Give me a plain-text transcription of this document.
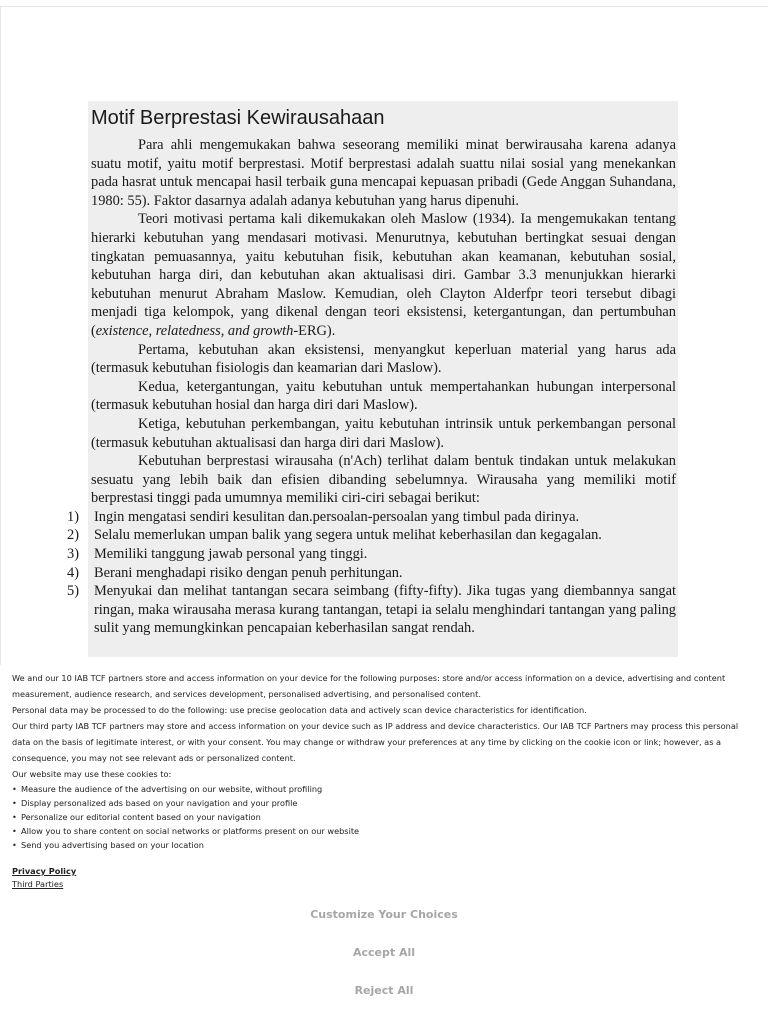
Motif Berprestasi Kewirausahaan

Para ahli mengemukakan bahwa seseorang memiliki minat berwirausaha karena adanya suatu motif, yaitu motif berprestasi. Motif berprestasi adalah suattu nilai sosial yang menekankan pada hasrat untuk mencapai hasil terbaik guna mencapai kepuasan pribadi (Gede Anggan Suhandana, 1980: 55). Faktor dasarnya adalah adanya kebutuhan yang harus dipenuhi.

Teori motivasi pertama kali dikemukakan oleh Maslow (1934). Ia mengemukakan tentang hierarki kebutuhan yang mendasari motivasi. Menurutnya, kebutuhan bertingkat sesuai dengan tingkatan pemuasannya, yaitu kebutuhan fisik, kebutuhan akan keamanan, kebutuhan sosial, kebutuhan harga diri, dan kebutuhan akan aktualisasi diri. Gambar 3.3 menunjukkan hierarki kebutuhan menurut Abraham Maslow. Kemudian, oleh Clayton Alderfpr teori tersebut dibagi menjadi tiga kelompok, yang dikenal dengan teori eksistensi, ketergantungan, dan pertumbuhan (existence, relatedness, and growth-ERG).

Pertama, kebutuhan akan eksistensi, menyangkut keperluan material yang harus ada (termasuk kebutuhan fisiologis dan keamarian dari Maslow).

Kedua, ketergantungan, yaitu kebutuhan untuk mempertahankan hubungan interpersonal (termasuk kebutuhan hosial dan harga diri dari Maslow).

Ketiga, kebutuhan perkembangan, yaitu kebutuhan intrinsik untuk perkembangan personal (termasuk kebutuhan aktualisasi dan harga diri dari Maslow).

Kebutuhan berprestasi wirausaha (n'Ach) terlihat dalam bentuk tindakan untuk melakukan sesuatu yang lebih baik dan efisien dibanding sebelumnya. Wirausaha yang memiliki motif berprestasi tinggi pada umumnya memiliki ciri-ciri sebagai berikut:

1) Ingin mengatasi sendiri kesulitan dan.persoalan-persoalan yang timbul pada dirinya.
2) Selalu memerlukan umpan balik yang segera untuk melihat keberhasilan dan kegagalan.
3) Memiliki tanggung jawab personal yang tinggi.
4) Berani menghadapi risiko dengan penuh perhitungan.
5) Menyukai dan melihat tantangan secara seimbang (fifty-fifty). Jika tugas yang diembannya sangat ringan, maka wirausaha merasa kurang tantangan, tetapi ia selalu menghindari tantangan yang paling sulit yang memungkinkan pencapaian keberhasilan sangat rendah.

We and our 10 IAB TCF partners store and access information on your device for the following purposes: store and/or access information on a device, advertising and content measurement, audience research, and services development, personalised advertising, and personalised content.

Personal data may be processed to do the following: use precise geolocation data and actively scan device characteristics for identification.

Our third party IAB TCF partners may store and access information on your device such as IP address and device characteristics. Our IAB TCF Partners may process this personal data on the basis of legitimate interest, or with your consent. You may change or withdraw your preferences at any time by clicking on the cookie icon or link; however, as a consequence, you may not see relevant ads or personalized content.

Our website may use these cookies to:

• Measure the audience of the advertising on our website, without profiling
• Display personalized ads based on your navigation and your profile
• Personalize our editorial content based on your navigation
• Allow you to share content on social networks or platforms present on our website
• Send you advertising based on your location
Privacy Policy
Third Parties
Customize Your Choices
Accept All
Reject All
